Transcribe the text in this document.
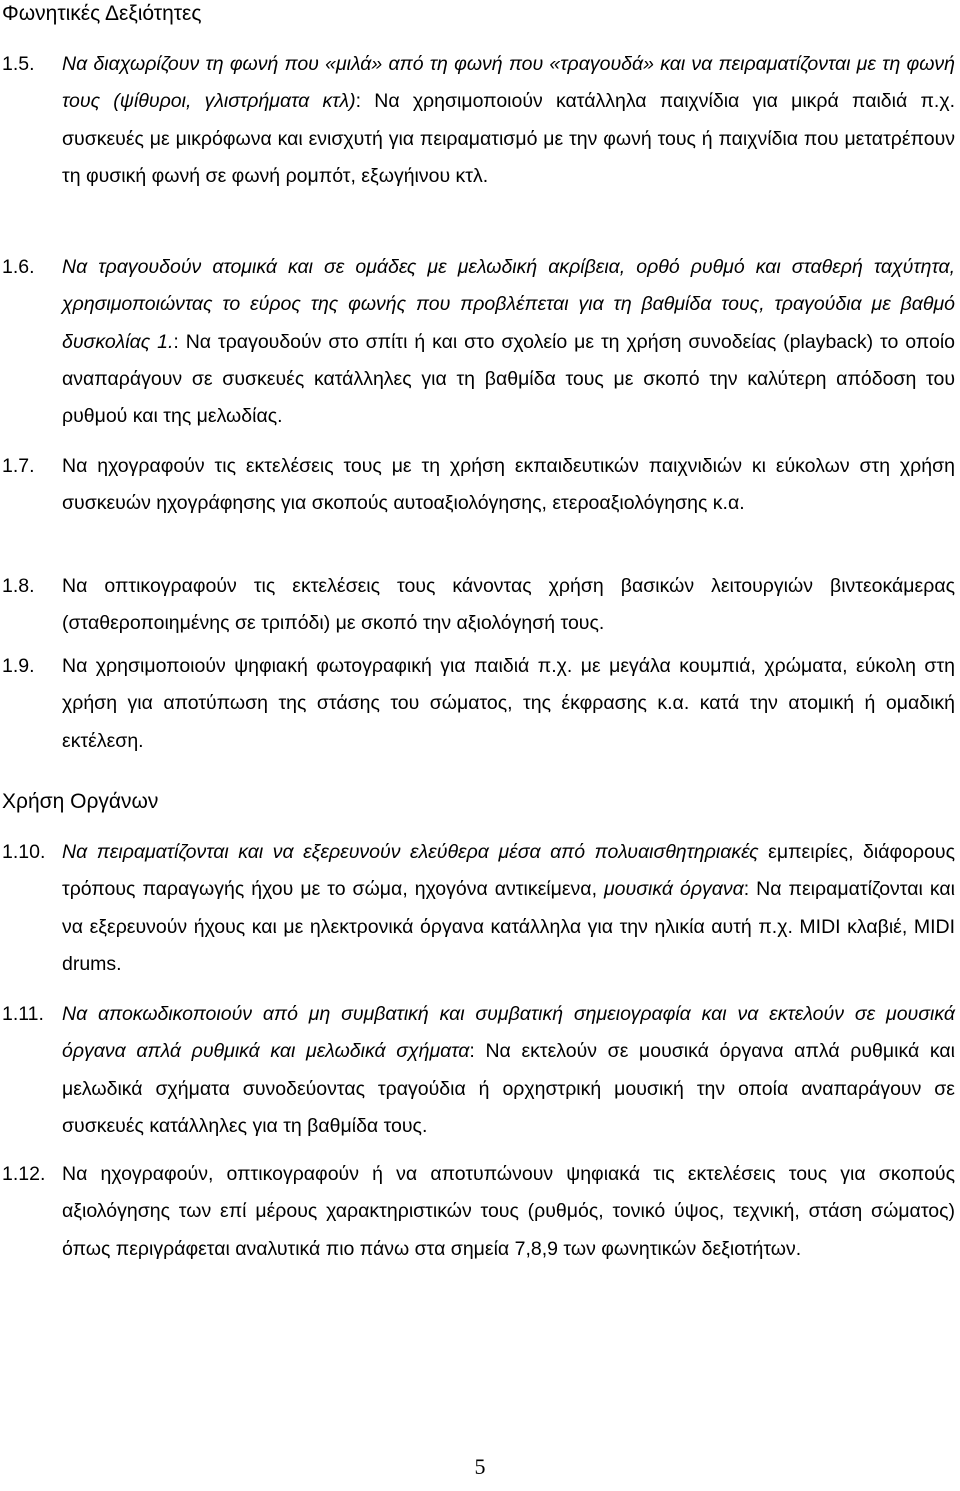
Φωνητικές Δεξιότητες
1.5. Να διαχωρίζουν τη φωνή που «μιλά» από τη φωνή που «τραγουδά» και να πειραματίζονται με τη φωνή τους (ψίθυροι, γλιστρήματα κτλ): Να χρησιμοποιούν κατάλληλα παιχνίδια για μικρά παιδιά π.χ. συσκευές με μικρόφωνα και ενισχυτή για πειραματισμό με την φωνή τους ή παιχνίδια που μετατρέπουν τη φυσική φωνή σε φωνή ρομπότ, εξωγήινου κτλ.
1.6. Να τραγουδούν ατομικά και σε ομάδες με μελωδική ακρίβεια, ορθό ρυθμό και σταθερή ταχύτητα, χρησιμοποιώντας το εύρος της φωνής που προβλέπεται για τη βαθμίδα τους, τραγούδια με βαθμό δυσκολίας 1.: Να τραγουδούν στο σπίτι ή και στο σχολείο με τη χρήση συνοδείας (playback) το οποίο αναπαράγουν σε συσκευές κατάλληλες για τη βαθμίδα τους με σκοπό την καλύτερη απόδοση του ρυθμού και της μελωδίας.
1.7. Να ηχογραφούν τις εκτελέσεις τους με τη χρήση εκπαιδευτικών παιχνιδιών κι εύκολων στη χρήση συσκευών ηχογράφησης για σκοπούς αυτοαξιολόγησης, ετεροαξιολόγησης κ.α.
1.8. Να οπτικογραφούν τις εκτελέσεις τους κάνοντας χρήση βασικών λειτουργιών βιντεοκάμερας (σταθεροποιημένης σε τριπόδι) με σκοπό την αξιολόγησή τους.
1.9. Να χρησιμοποιούν ψηφιακή φωτογραφική για παιδιά π.χ. με μεγάλα κουμπιά, χρώματα, εύκολη στη χρήση για αποτύπωση της στάσης του σώματος, της έκφρασης κ.α. κατά την ατομική ή ομαδική εκτέλεση.
Χρήση Οργάνων
1.10. Να πειραματίζονται και να εξερευνούν ελεύθερα μέσα από πολυαισθητηριακές εμπειρίες, διάφορους τρόπους παραγωγής ήχου με το σώμα, ηχογόνα αντικείμενα, μουσικά όργανα: Να πειραματίζονται και να εξερευνούν ήχους και με ηλεκτρονικά όργανα κατάλληλα για την ηλικία αυτή π.χ. MIDI κλαβιέ, MIDI drums.
1.11. Να αποκωδικοποιούν από μη συμβατική και συμβατική σημειογραφία και να εκτελούν σε μουσικά όργανα απλά ρυθμικά και μελωδικά σχήματα: Να εκτελούν σε μουσικά όργανα απλά ρυθμικά και μελωδικά σχήματα συνοδεύοντας τραγούδια ή ορχηστρική μουσική την οποία αναπαράγουν σε συσκευές κατάλληλες για τη βαθμίδα τους.
1.12. Να ηχογραφούν, οπτικογραφούν ή να αποτυπώνουν ψηφιακά τις εκτελέσεις τους για σκοπούς αξιολόγησης των επί μέρους χαρακτηριστικών τους (ρυθμός, τονικό ύψος, τεχνική, στάση σώματος) όπως περιγράφεται αναλυτικά πιο πάνω στα σημεία 7,8,9 των φωνητικών δεξιοτήτων.
5
